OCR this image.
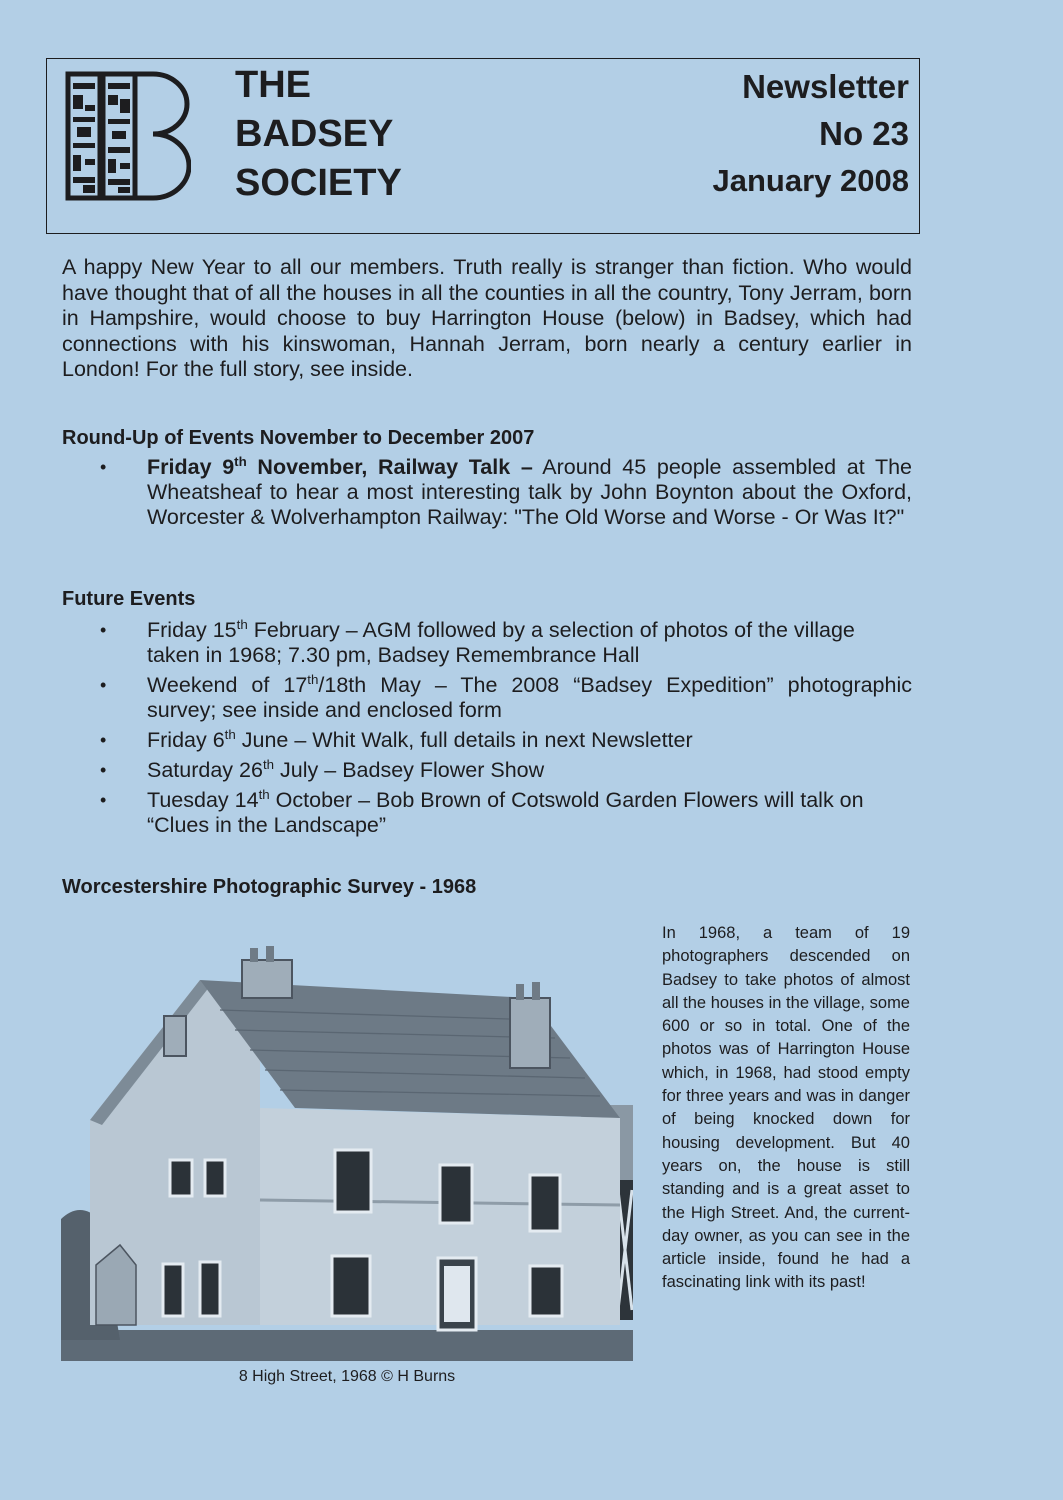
THE
BADSEY
SOCIETY
Newsletter
No 23
January 2008

A happy New Year to all our members. Truth really is stranger than fiction. Who would have thought that of all the houses in all the counties in all the country, Tony Jerram, born in Hampshire, would choose to buy Harrington House (below) in Badsey, which had connections with his kinswoman, Hannah Jerram, born nearly a century earlier in London! For the full story, see inside.

Round-Up of Events November to December 2007
• Friday 9th November, Railway Talk – Around 45 people assembled at The Wheatsheaf to hear a most interesting talk by John Boynton about the Oxford, Worcester & Wolverhampton Railway: "The Old Worse and Worse - Or Was It?"
Future Events
• Friday 15th February – AGM followed by a selection of photos of the village taken in 1968; 7.30 pm, Badsey Remembrance Hall
• Weekend of 17th/18th May – The 2008 “Badsey Expedition” photographic survey; see inside and enclosed form
• Friday 6th June – Whit Walk, full details in next Newsletter
• Saturday 26th July – Badsey Flower Show
• Tuesday 14th October – Bob Brown of Cotswold Garden Flowers will talk on “Clues in the Landscape”
Worcestershire Photographic Survey - 1968
8 High Street, 1968 © H Burns

In 1968, a team of 19 photographers descended on Badsey to take photos of almost all the houses in the village, some 600 or so in total. One of the photos was of Harrington House which, in 1968, had stood empty for three years and was in danger of being knocked down for housing development. But 40 years on, the house is still standing and is a great asset to the High Street. And, the current-day owner, as you can see in the article inside, found he had a fascinating link with its past!
